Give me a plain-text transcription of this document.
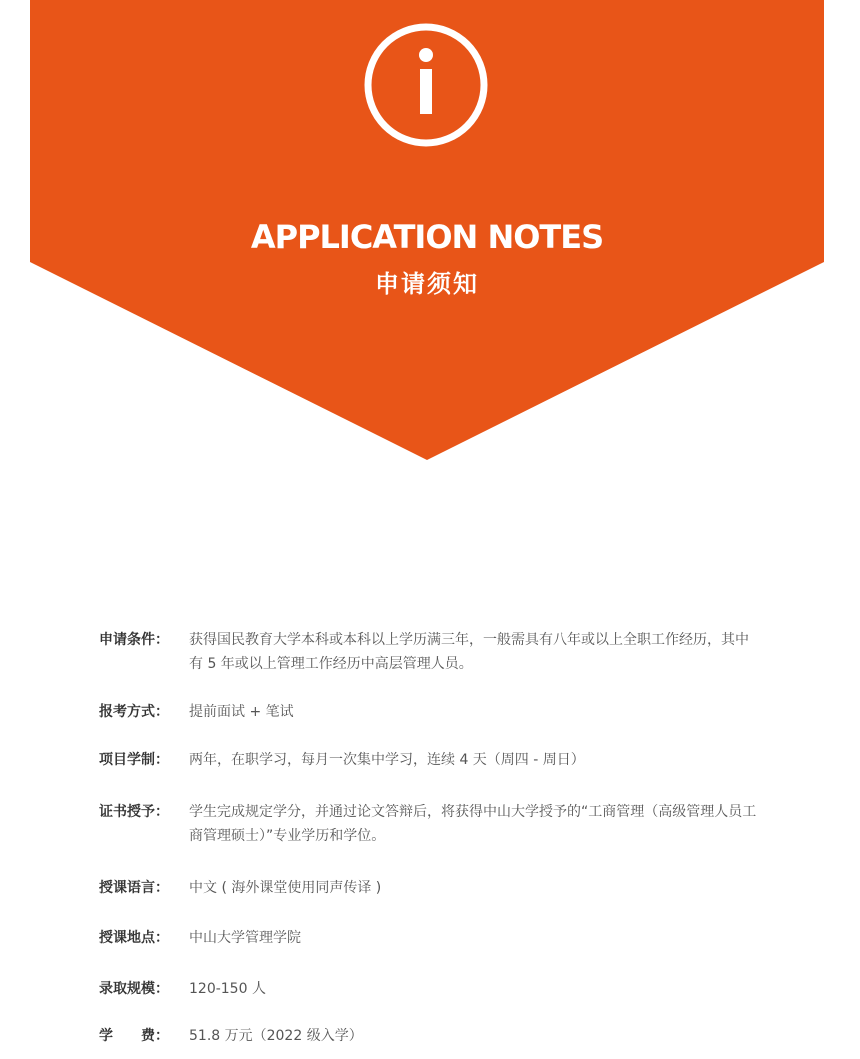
APPLICATION NOTES
申请须知
申请条件：	获得国民教育大学本科或本科以上学历满三年，一般需具有八年或以上全职工作经历，其中有 5 年或以上管理工作经历中高层管理人员。
报考方式：	提前面试 + 笔试
项目学制：	两年，在职学习，每月一次集中学习，连续 4 天（周四 - 周日）
证书授予：	学生完成规定学分，并通过论文答辩后，将获得中山大学授予的“工商管理（高级管理人员工商管理硕士）”专业学历和学位。
授课语言：	中文 ( 海外课堂使用同声传译 )
授课地点：	中山大学管理学院
录取规模：	120-150 人
学　　费：	51.8 万元（2022 级入学）
